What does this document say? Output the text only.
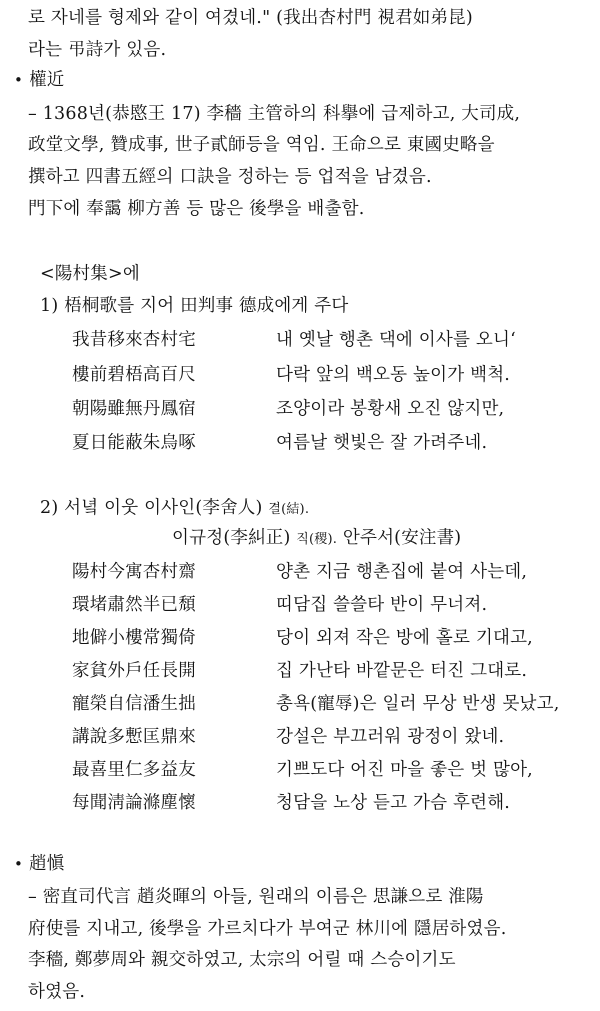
로 자네를 형제와 같이 여겼네." (我出杏村門 視君如弟昆)
라는 弔詩가 있음.
• 權近
– 1368년(恭愍王 17) 李穡 主管하의 科擧에 급제하고, 大司成,
政堂文學, 贊成事, 世子貳師등을 역임. 王命으로 東國史略을
撰하고 四書五經의 口訣을 정하는 등 업적을 남겼음.
門下에 奉靄 柳方善 등 많은 後學을 배출함.
<陽村集>에
1) 梧桐歌를 지어 田判事 德成에게 주다
我昔移來杏村宅	내 옛날 행촌 댁에 이사를 오니‘
樓前碧梧高百尺	다락 앞의 백오동 높이가 백척.
朝陽雖無丹鳳宿	조양이라 봉황새 오진 않지만,
夏日能蔽朱烏啄	여름날 햇빛은 잘 가려주네.
2) 서녘 이웃 이사인(李舍人) 결(結).
이규정(李糾正) 직(稷). 안주서(安注書)
陽村今寓杏村齋	양촌 지금 행촌집에 붙여 사는데,
環堵肅然半已頹	띠담집 쓸쓸타 반이 무너져.
地僻小樓常獨倚	당이 외져 작은 방에 홀로 기대고,
家貧外戶任長開	집 가난타 바깥문은 터진 그대로.
寵榮自信潘生拙	총욕(寵辱)은 일러 무상 반생 못났고,
講說多慙匡鼎來	강설은 부끄러워 광정이 왔네.
最喜里仁多益友	기쁘도다 어진 마을 좋은 벗 많아,
每聞淸論滌塵懷	청담을 노상 듣고 가슴 후련해.
• 趙愼
– 密直司代言 趙炎暉의 아들, 원래의 이름은 思謙으로 淮陽
府使를 지내고, 後學을 가르치다가 부여군 林川에 隱居하였음.
李穡, 鄭夢周와 親交하였고, 太宗의 어릴 때 스승이기도
하였음.
